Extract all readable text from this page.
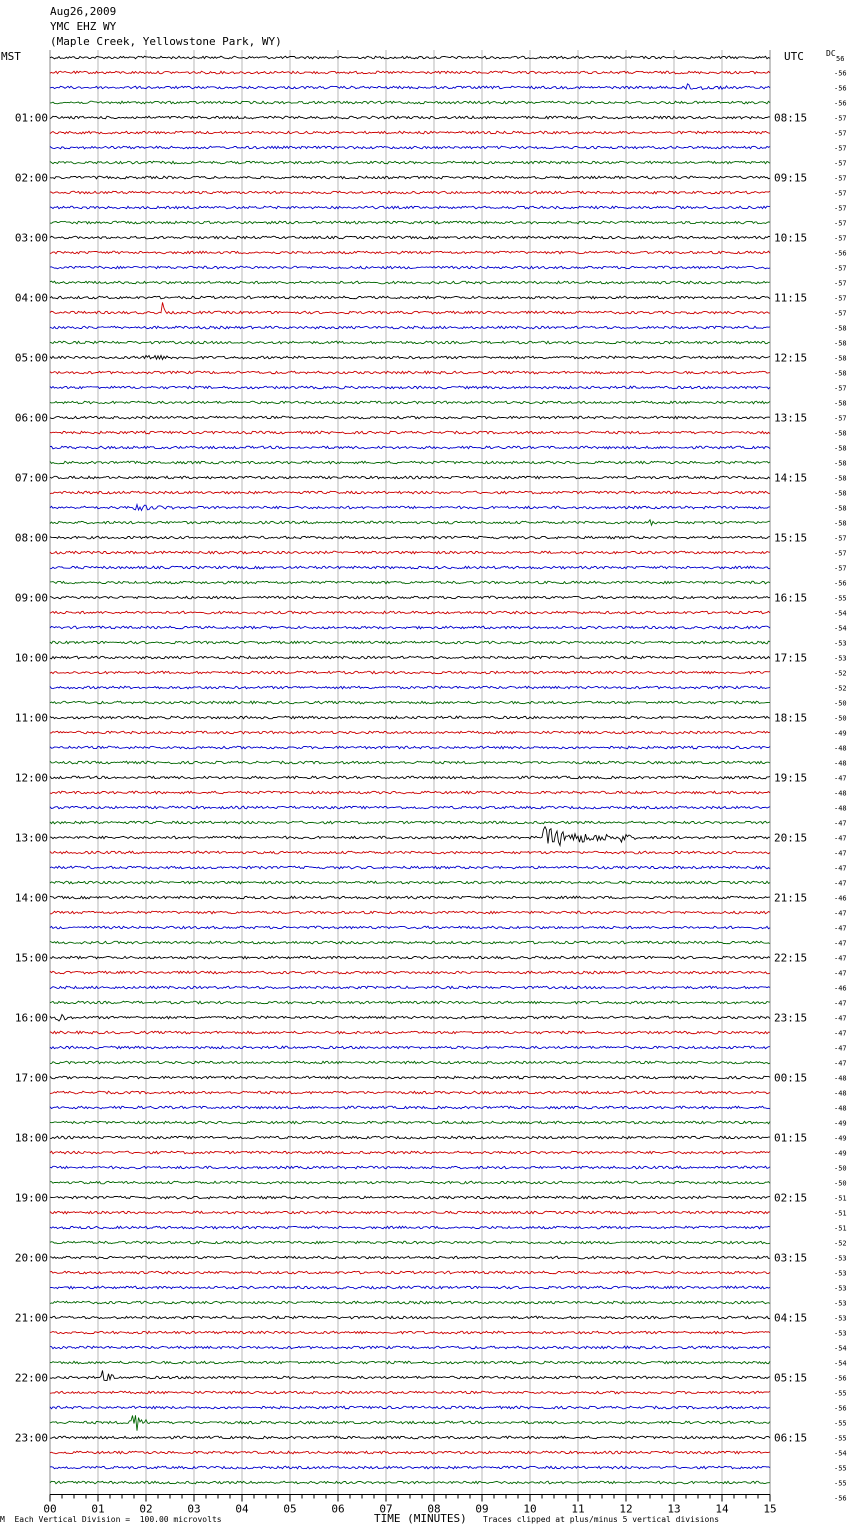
Aug26,2009
YMC EHZ WY
(Maple Creek, Yellowstone Park, WY)
MST	UTC	DC
00	01	02	03	04	05	06	07	08	09	10	11	12	13	14	15
-56
-56
-56
-57
-57
-57
-57
-57
-57
-57
-57
-57
-56
-57
-57
-57
-57
-58
-58
-58
-58
-57
-58
-57
-58
-58
-58
-58
-58
-58
-58
-57
-57
-57
-56
-55
-54
-54
-53
-53
-52
-52
-50
-50
-49
-48
-48
-47
-48
-48
-47
-47
-47
-47
-47
-46
-47
-47
-47
-47
-47
-46
-47
-47
-47
-47
-47
-48
-48
-48
-49
-49
-49
-50
-50
-51
-51
-51
-52
-53
-53
-53
-53
-53
-53
-54
-54
-56
-55
-56
-55
-55
-54
-55
-55
-56
56
01:00
02:00
03:00
04:00
05:00
06:00
07:00
08:00
09:00
10:00
11:00
12:00
13:00
14:00
15:00
16:00
17:00
18:00
19:00
20:00
21:00
22:00
23:00
08:15
09:15
10:15
11:15
12:15
13:15
14:15
15:15
16:15
17:15
18:15
19:15
20:15
21:15
22:15
23:15
00:15
01:15
02:15
03:15
04:15
05:15
06:15
M Each Vertical Division =  100.00 microvolts	TIME (MINUTES) Traces clipped at plus/minus 5 vertical divisions
